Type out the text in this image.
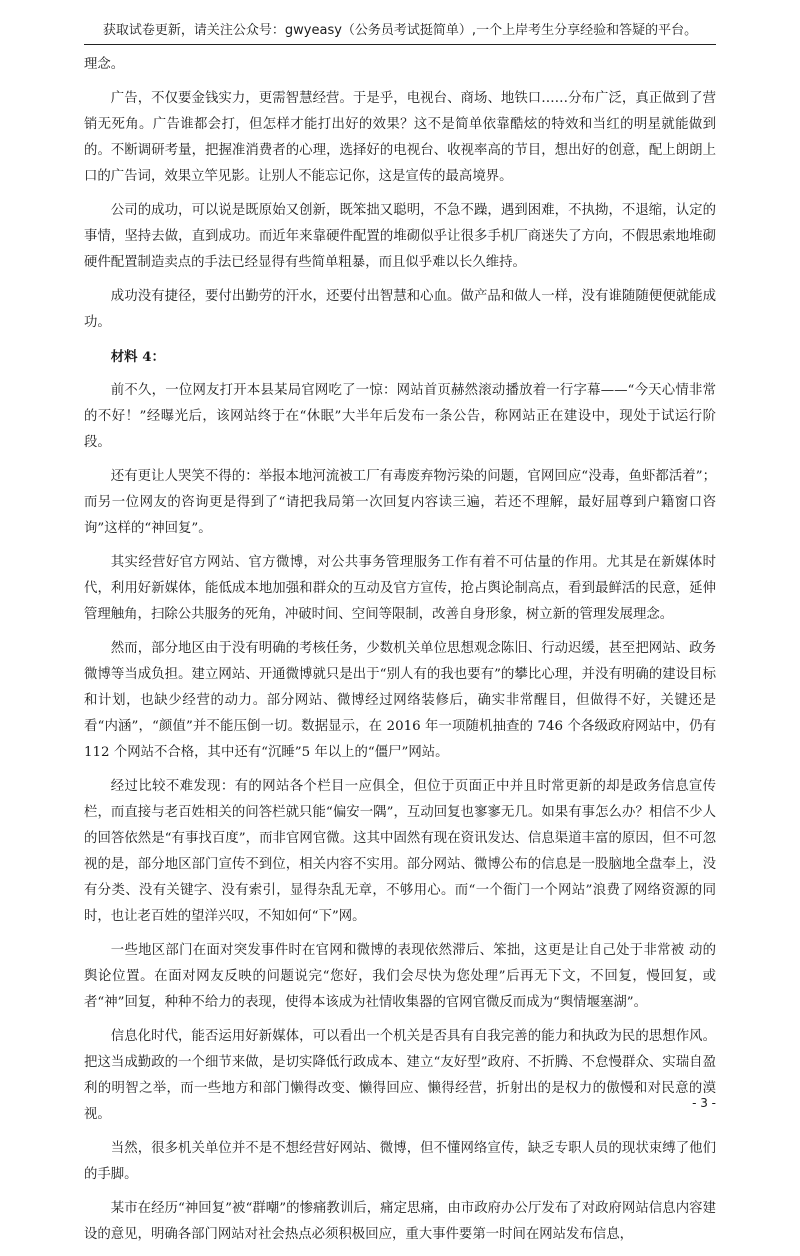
获取试卷更新，请关注公众号：gwyeasy（公务员考试挺简单）,一个上岸考生分享经验和答疑的平台。

理念。

广告，不仅要金钱实力，更需智慧经营。于是乎，电视台、商场、地铁口……分布广泛，真正做到了营销无死角。广告谁都会打，但怎样才能打出好的效果？这不是简单依靠酷炫的特效和当红的明星就能做到的。不断调研考量，把握准消费者的心理，选择好的电视台、收视率高的节目，想出好的创意，配上朗朗上口的广告词，效果立竿见影。让别人不能忘记你，这是宣传的最高境界。

公司的成功，可以说是既原始又创新，既笨拙又聪明，不急不躁，遇到困难，不执拗，不退缩，认定的事情，坚持去做，直到成功。而近年来靠硬件配置的堆砌似乎让很多手机厂商迷失了方向，不假思索地堆砌硬件配置制造卖点的手法已经显得有些简单粗暴，而且似乎难以长久维持。

成功没有捷径，要付出勤劳的汗水，还要付出智慧和心血。做产品和做人一样，没有谁随随便便就能成功。

材料 4：

前不久，一位网友打开本县某局官网吃了一惊：网站首页赫然滚动播放着一行字幕——“今天心情非常的不好！”经曝光后，该网站终于在“休眠”大半年后发布一条公告，称网站正在建设中，现处于试运行阶段。

还有更让人哭笑不得的：举报本地河流被工厂有毒废弃物污染的问题，官网回应“没毒，鱼虾都活着”；而另一位网友的咨询更是得到了“请把我局第一次回复内容读三遍，若还不理解，最好屈尊到户籍窗口咨询”这样的“神回复”。

其实经营好官方网站、官方微博，对公共事务管理服务工作有着不可估量的作用。尤其是在新媒体时代，利用好新媒体，能低成本地加强和群众的互动及官方宣传，抢占舆论制高点，看到最鲜活的民意，延伸管理触角，扫除公共服务的死角，冲破时间、空间等限制，改善自身形象，树立新的管理发展理念。

然而，部分地区由于没有明确的考核任务，少数机关单位思想观念陈旧、行动迟缓，甚至把网站、政务微博等当成负担。建立网站、开通微博就只是出于“别人有的我也要有”的攀比心理，并没有明确的建设目标和计划，也缺少经营的动力。部分网站、微博经过网络装修后，确实非常醒目，但做得不好，关键还是看“内涵”，“颜值”并不能压倒一切。数据显示，在 2016 年一项随机抽查的 746 个各级政府网站中，仍有 112 个网站不合格，其中还有“沉睡”5 年以上的“僵尸”网站。

经过比较不难发现：有的网站各个栏目一应俱全，但位于页面正中并且时常更新的却是政务信息宣传栏，而直接与老百姓相关的问答栏就只能“偏安一隅”，互动回复也寥寥无几。如果有事怎么办？相信不少人的回答依然是“有事找百度”，而非官网官微。这其中固然有现在资讯发达、信息渠道丰富的原因，但不可忽视的是，部分地区部门宣传不到位，相关内容不实用。部分网站、微博公布的信息是一股脑地全盘奉上，没有分类、没有关键字、没有索引，显得杂乱无章，不够用心。而“一个衙门一个网站”浪费了网络资源的同时，也让老百姓的望洋兴叹，不知如何“下”网。

一些地区部门在面对突发事件时在官网和微博的表现依然滞后、笨拙，这更是让自己处于非常被 动的舆论位置。在面对网友反映的问题说完“您好，我们会尽快为您处理”后再无下文，不回复，慢回复，或者“神”回复，种种不给力的表现，使得本该成为社情收集器的官网官微反而成为“舆情堰塞湖”。

信息化时代，能否运用好新媒体，可以看出一个机关是否具有自我完善的能力和执政为民的思想作风。把这当成勤政的一个细节来做，是切实降低行政成本、建立“友好型”政府、不折腾、不怠慢群众、实瑞自盈利的明智之举，而一些地方和部门懒得改变、懒得回应、懒得经营，折射出的是权力的傲慢和对民意的漠视。

当然，很多机关单位并不是不想经营好网站、微博，但不懂网络宣传，缺乏专职人员的现状束缚了他们的手脚。

某市在经历“神回复”被“群嘲”的惨痛教训后，痛定思痛，由市政府办公厅发布了对政府网站信息内容建设的意见，明确各部门网站对社会热点必须积极回应，重大事件要第一时间在网站发布信息，

- 3 -
